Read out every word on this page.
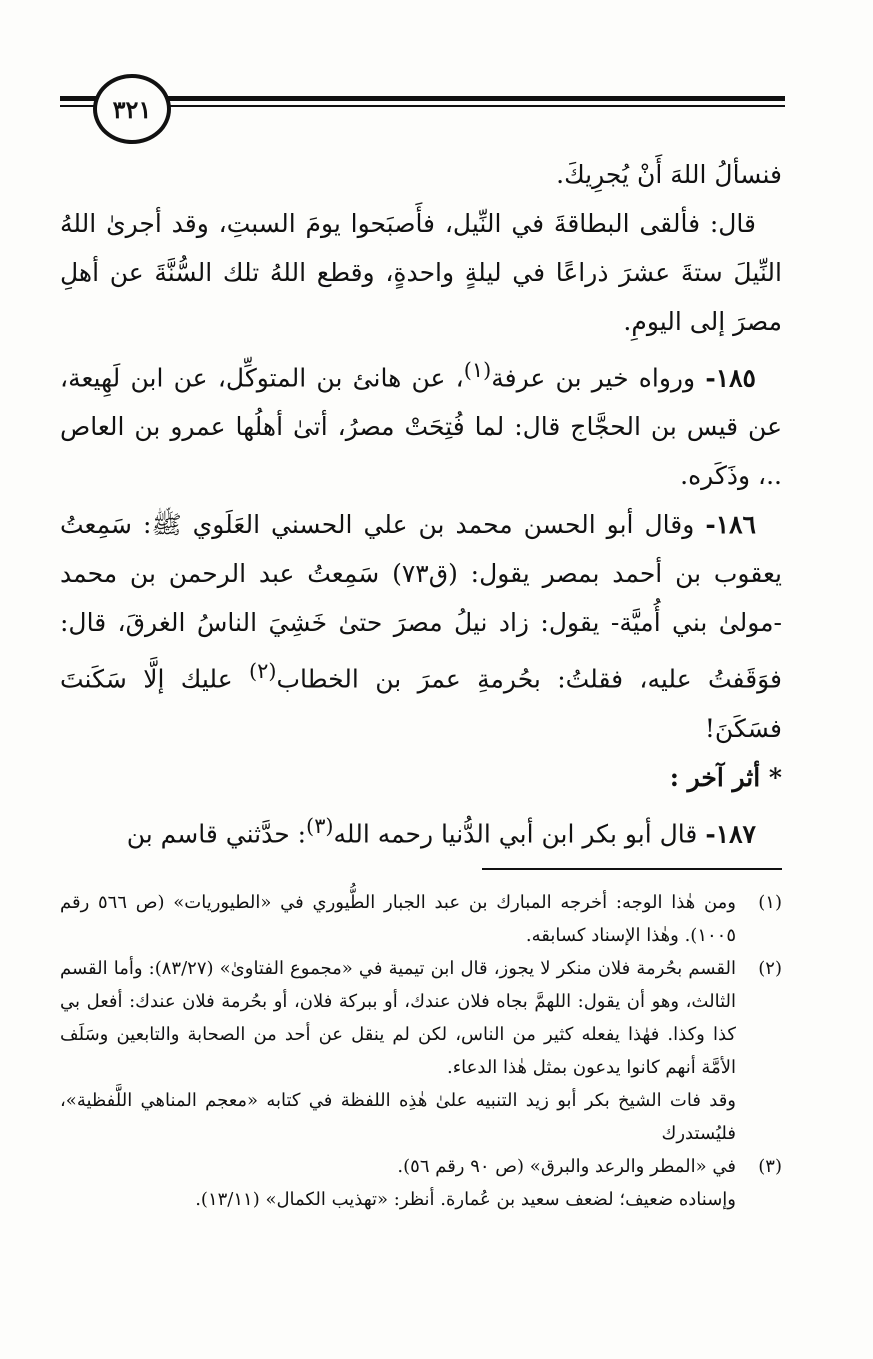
٣٢١

فنسألُ اللهَ أَنْ يُجرِيكَ.

قال: فألقى البطاقةَ في النِّيل، فأَصبَحوا يومَ السبتِ، وقد أجرىٰ اللهُ النِّيلَ ستةَ عشرَ ذراعًا في ليلةٍ واحدةٍ، وقطع اللهُ تلك السُّنَّةَ عن أهلِ مصرَ إلى اليومِ.

١٨٥- ورواه خير بن عرفة$^{(١)}$، عن هانئ بن المتوكِّل، عن ابن لَهِيعة، عن قيس بن الحجَّاج قال: لما فُتِحَتْ مصرُ، أتىٰ أهلُها عمرو بن العاص ..، وذَكَره.

١٨٦- وقال أبو الحسن محمد بن علي الحسني العَلَوي ﷺ: سَمِعتُ يعقوب بن أحمد بمصر يقول: (ق٧٣) سَمِعتُ عبد الرحمن بن محمد -مولىٰ بني أُميَّة- يقول: زاد نيلُ مصرَ حتىٰ خَشِيَ الناسُ الغرقَ، قال: فوَقَفتُ عليه، فقلتُ: بحُرمةِ عمرَ بن الخطاب$^{(٢)}$ عليك إلَّا سَكَنتَ فسَكَنَ!

* أثر آخر :

١٨٧- قال أبو بكر ابن أبي الدُّنيا رحمه الله$^{(٣)}$: حدَّثني قاسم بن

(١)

ومن هٰذا الوجه: أخرجه المبارك بن عبد الجبار الطُّيوري في «الطيوريات» (ص ٥٦٦ رقم ١٠٠٥). وهٰذا الإسناد كسابقه.

(٢)

القسم بحُرمة فلان منكر لا يجوز، قال ابن تيمية في «مجموع الفتاوىٰ» (٨٣/٢٧): وأما القسم الثالث، وهو أن يقول: اللهمَّ بجاه فلان عندك، أو ببركة فلان، أو بحُرمة فلان عندك: أفعل بي كذا وكذا. فهٰذا يفعله كثير من الناس، لكن لم ينقل عن أحد من الصحابة والتابعين وسَلَف الأمَّة أنهم كانوا يدعون بمثل هٰذا الدعاء.

وقد فات الشيخ بكر أبو زيد التنبيه علىٰ هٰذِه اللفظة في كتابه «معجم المناهي اللَّفظية»، فليُستدرك

(٣)

في «المطر والرعد والبرق» (ص ٩٠ رقم ٥٦).

وإسناده ضعيف؛ لضعف سعيد بن عُمارة. أنظر: «تهذيب الكمال» (١٣/١١).
